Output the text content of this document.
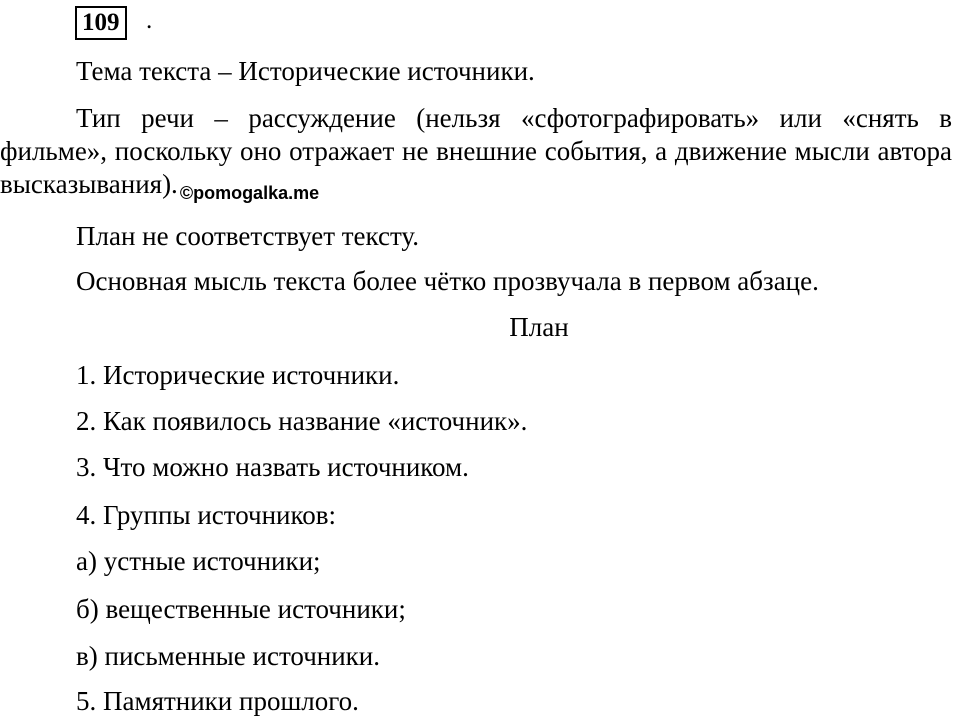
109 .
Тема текста – Исторические источники.
Тип речи – рассуждение (нельзя «сфотографировать» или «снять в фильме», поскольку оно отражает не внешние события, а движение мысли автора высказывания). $_{©pomogalka.me}$
План не соответствует тексту.
Основная мысль текста более чётко прозвучала в первом абзаце.
План
1. Исторические источники.
2. Как появилось название «источник».
3. Что можно назвать источником.
4. Группы источников:
а) устные источники;
б) вещественные источники;
в) письменные источники.
5. Памятники прошлого.
